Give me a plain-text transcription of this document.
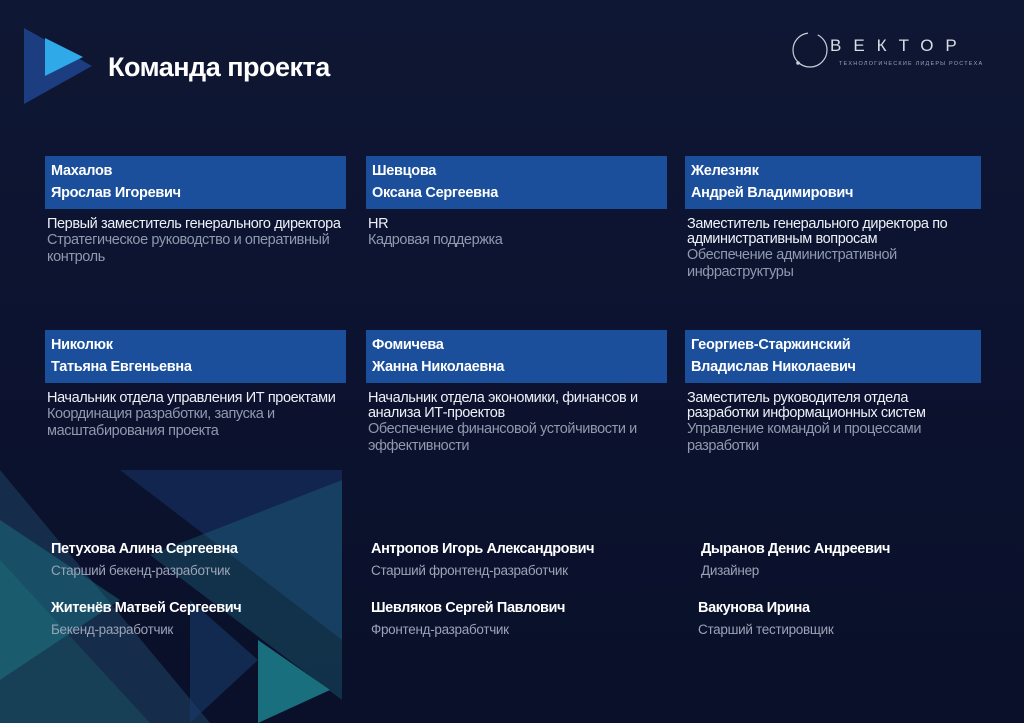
Команда проекта
ВЕКТОР
ТЕХНОЛОГИЧЕСКИЕ ЛИДЕРЫ РОСТЕХА
Махалов
Ярослав Игоревич
Первый заместитель генерального директора
Стратегическое руководство и оперативный контроль
Шевцова
Оксана Сергеевна
HR
Кадровая поддержка
Железняк
Андрей Владимирович
Заместитель генерального директора по административным вопросам
Обеспечение административной инфраструктуры
Николюк
Татьяна Евгеньевна
Начальник отдела управления ИТ проектами
Координация разработки, запуска и масштабирования проекта
Фомичева
Жанна Николаевна
Начальник отдела экономики, финансов и анализа ИТ-проектов
Обеспечение финансовой устойчивости и эффективности
Георгиев-Старжинский
Владислав Николаевич
Заместитель руководителя отдела разработки информационных систем
Управление командой и процессами разработки
Петухова Алина Сергеевна
Старший бекенд-разработчик
Антропов Игорь Александрович
Старший фронтенд-разработчик
Дыранов Денис Андреевич
Дизайнер
Житенёв Матвей Сергеевич
Бекенд-разработчик
Шевляков Сергей Павлович
Фронтенд-разработчик
Вакунова Ирина
Старший тестировщик
